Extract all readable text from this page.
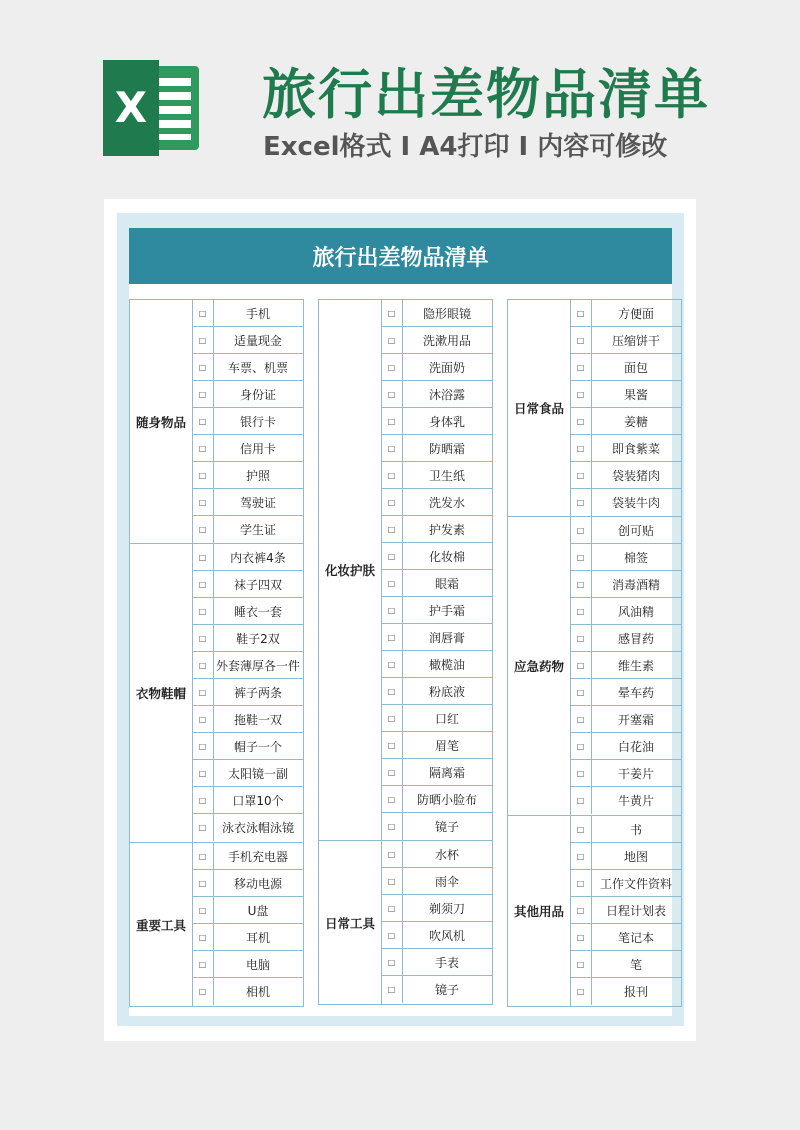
X 旅行出差物品清单
Excel格式 I A4打印 I 内容可修改
旅行出差物品清单
随身物品
□	手机
□	适量现金
□	车票、机票
□	身份证
□	银行卡
□	信用卡
□	护照
□	驾驶证
□	学生证
衣物鞋帽
□	内衣裤4条
□	袜子四双
□	睡衣一套
□	鞋子2双
□ 外套薄厚各一件
□	裤子两条
□	拖鞋一双
□	帽子一个
□	太阳镜一副
□	口罩10个
□	泳衣泳帽泳镜
重要工具
□	手机充电器
□	移动电源
□	U盘
□	耳机
□	电脑
□	相机
化妆护肤
□	隐形眼镜
□	洗漱用品
□	洗面奶
□	沐浴露
□	身体乳
□	防晒霜
□	卫生纸
□	洗发水
□	护发素
□	化妆棉
□	眼霜
□	护手霜
□	润唇膏
□	橄榄油
□	粉底液
□	口红
□	眉笔
□	隔离霜
□	防晒小脸布
□	镜子
日常工具
□	水杯
□	雨伞
□	剃须刀
□	吹风机
□	手表
□	镜子
日常食品
□	方便面
□	压缩饼干
□	面包
□	果酱
□	姜糖
□	即食紫菜
□	袋装猪肉
□	袋装牛肉
应急药物
□	创可贴
□	棉签
□	消毒酒精
□	风油精
□	感冒药
□	维生素
□	晕车药
□	开塞霜
□	白花油
□	干姜片
□	牛黄片
其他用品
□	书
□	地图
□	工作文件资料
□	日程计划表
□	笔记本
□	笔
□	报刊
